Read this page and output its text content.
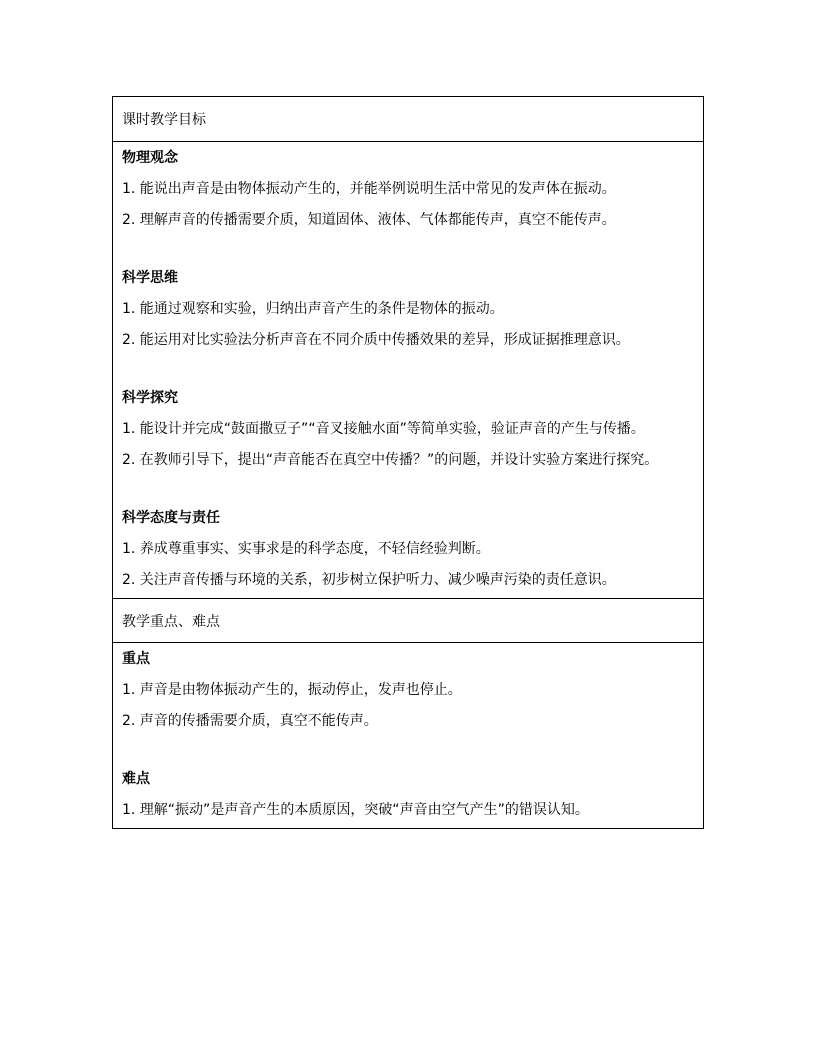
课时教学目标

物理观念

1. 能说出声音是由物体振动产生的，并能举例说明生活中常见的发声体在振动。

2. 理解声音的传播需要介质，知道固体、液体、气体都能传声，真空不能传声。

科学思维

1. 能通过观察和实验，归纳出声音产生的条件是物体的振动。

2. 能运用对比实验法分析声音在不同介质中传播效果的差异，形成证据推理意识。

科学探究

1. 能设计并完成“鼓面撒豆子”“音叉接触水面”等简单实验，验证声音的产生与传播。

2. 在教师引导下，提出“声音能否在真空中传播？”的问题，并设计实验方案进行探究。

科学态度与责任

1. 养成尊重事实、实事求是的科学态度，不轻信经验判断。

2. 关注声音传播与环境的关系，初步树立保护听力、减少噪声污染的责任意识。

教学重点、难点

重点

1. 声音是由物体振动产生的，振动停止，发声也停止。

2. 声音的传播需要介质，真空不能传声。

难点

1. 理解“振动”是声音产生的本质原因，突破“声音由空气产生”的错误认知。
